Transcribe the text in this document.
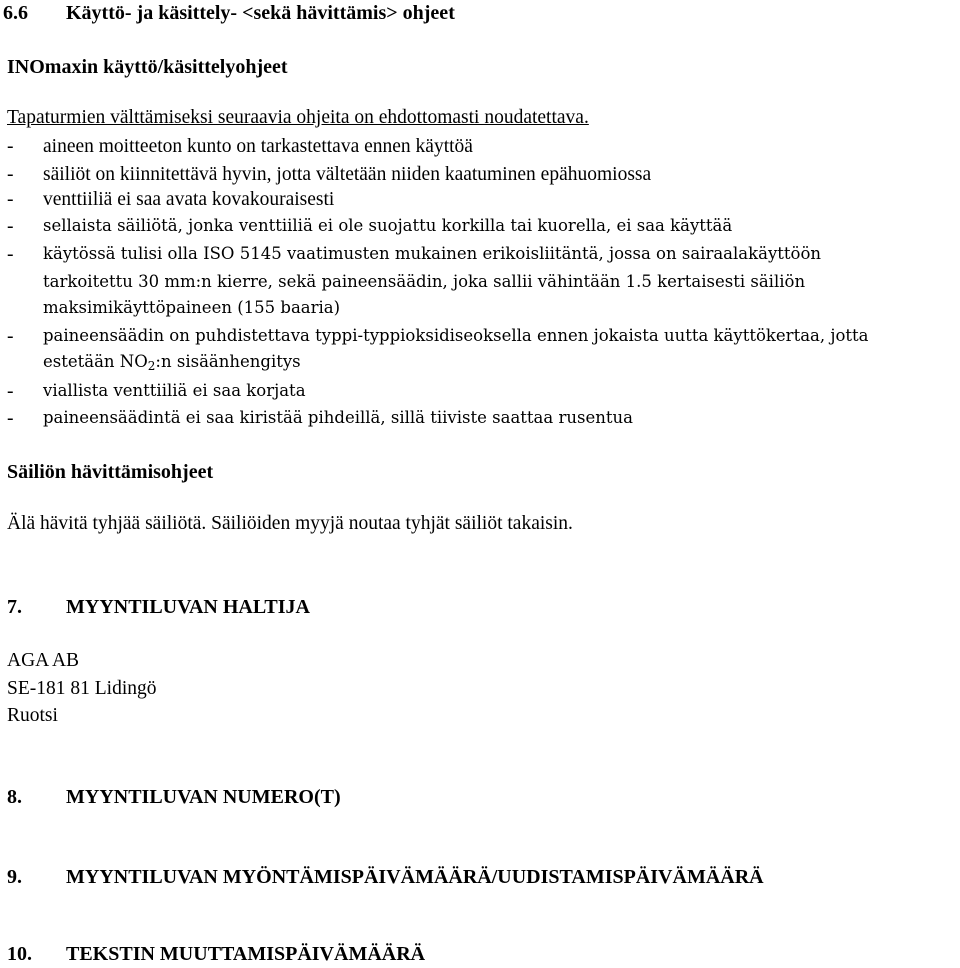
6.6 Käyttö- ja käsittely- <sekä hävittämis> ohjeet
INOmaxin käyttö/käsittelyohjeet
Tapaturmien välttämiseksi seuraavia ohjeita on ehdottomasti noudatettava.
- aineen moitteeton kunto on tarkastettava ennen käyttöä
- säiliöt on kiinnitettävä hyvin, jotta vältetään niiden kaatuminen epähuomiossa
- venttiiliä ei saa avata kovakouraisesti
- sellaista säiliötä, jonka venttiiliä ei ole suojattu korkilla tai kuorella, ei saa käyttää
- käytössä tulisi olla ISO 5145 vaatimusten mukainen erikoisliitäntä, jossa on sairaalakäyttöön
tarkoitettu 30 mm:n kierre, sekä paineensäädin, joka sallii vähintään 1.5 kertaisesti säiliön
maksimikäyttöpaineen (155 baaria)
- paineensäädin on puhdistettava typpi-typpioksidiseoksella ennen jokaista uutta käyttökertaa, jotta
estetään $NO_2:n$ sisäänhengitys
- viallista venttiiliä ei saa korjata
- paineensäädintä ei saa kiristää pihdeillä, sillä tiiviste saattaa rusentua
Säiliön hävittämisohjeet
Älä hävitä tyhjää säiliötä. Säiliöiden myyjä noutaa tyhjät säiliöt takaisin.
7. MYYNTILUVAN HALTIJA
AGA AB
SE-181 81 Lidingö
Ruotsi
8. MYYNTILUVAN NUMERO(T)
9. MYYNTILUVAN MYÖNTÄMISPÄIVÄMÄÄRÄ/UUDISTAMISPÄIVÄMÄÄRÄ
10. TEKSTIN MUUTTAMISPÄIVÄMÄÄRÄ
